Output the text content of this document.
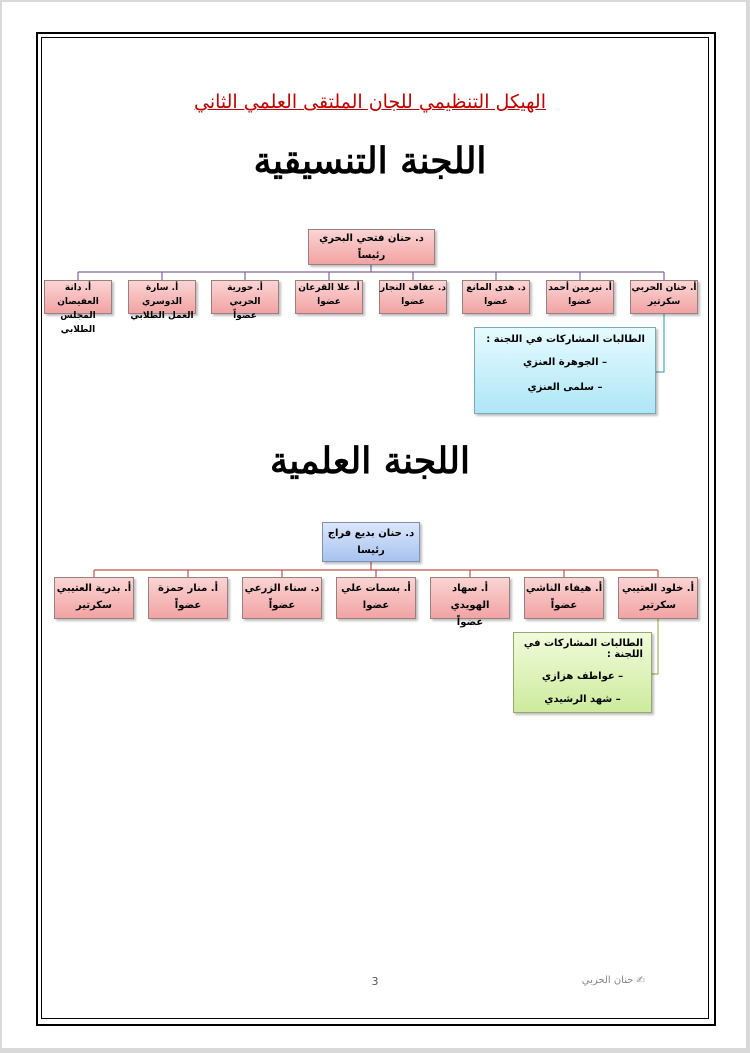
الهيكل التنظيمي للجان الملتقى العلمي الثاني
اللجنة التنسيقية
د. حنان فتحي البحري
رئيساً
أ. حنان الحربي
سكرتير
أ. نيرمين أحمد
عضوا
د. هدى المانع
عضوا
د. عفاف النجار
عضوا
أ. علا القرعان
عضوا
أ. حورية الحربي
عضواً
أ. سارة الدوسري
العمل الطلابي
أ. دانة العفيصان
المجلس الطلابي
الطالبات المشاركات في اللجنة :
– الجوهرة العنزي
– سلمى العنزي
اللجنة العلمية
د. حنان بديع فراج
رئيسا
أ. خلود العتيبي
سكرتير
أ. هيفاء الناشي
عضواً
أ. سهاد الهويدي
عضواً
أ. بسمات علي
عضوا
د. سناء الزرعي
عضواً
أ. منار حمزة
عضواً
أ. بدرية العتيبي
سكرتير
الطالبات المشاركات في اللجنة :
– عواطف هزازي
– شهد الرشيدي
3	✍ حنان الحربي
